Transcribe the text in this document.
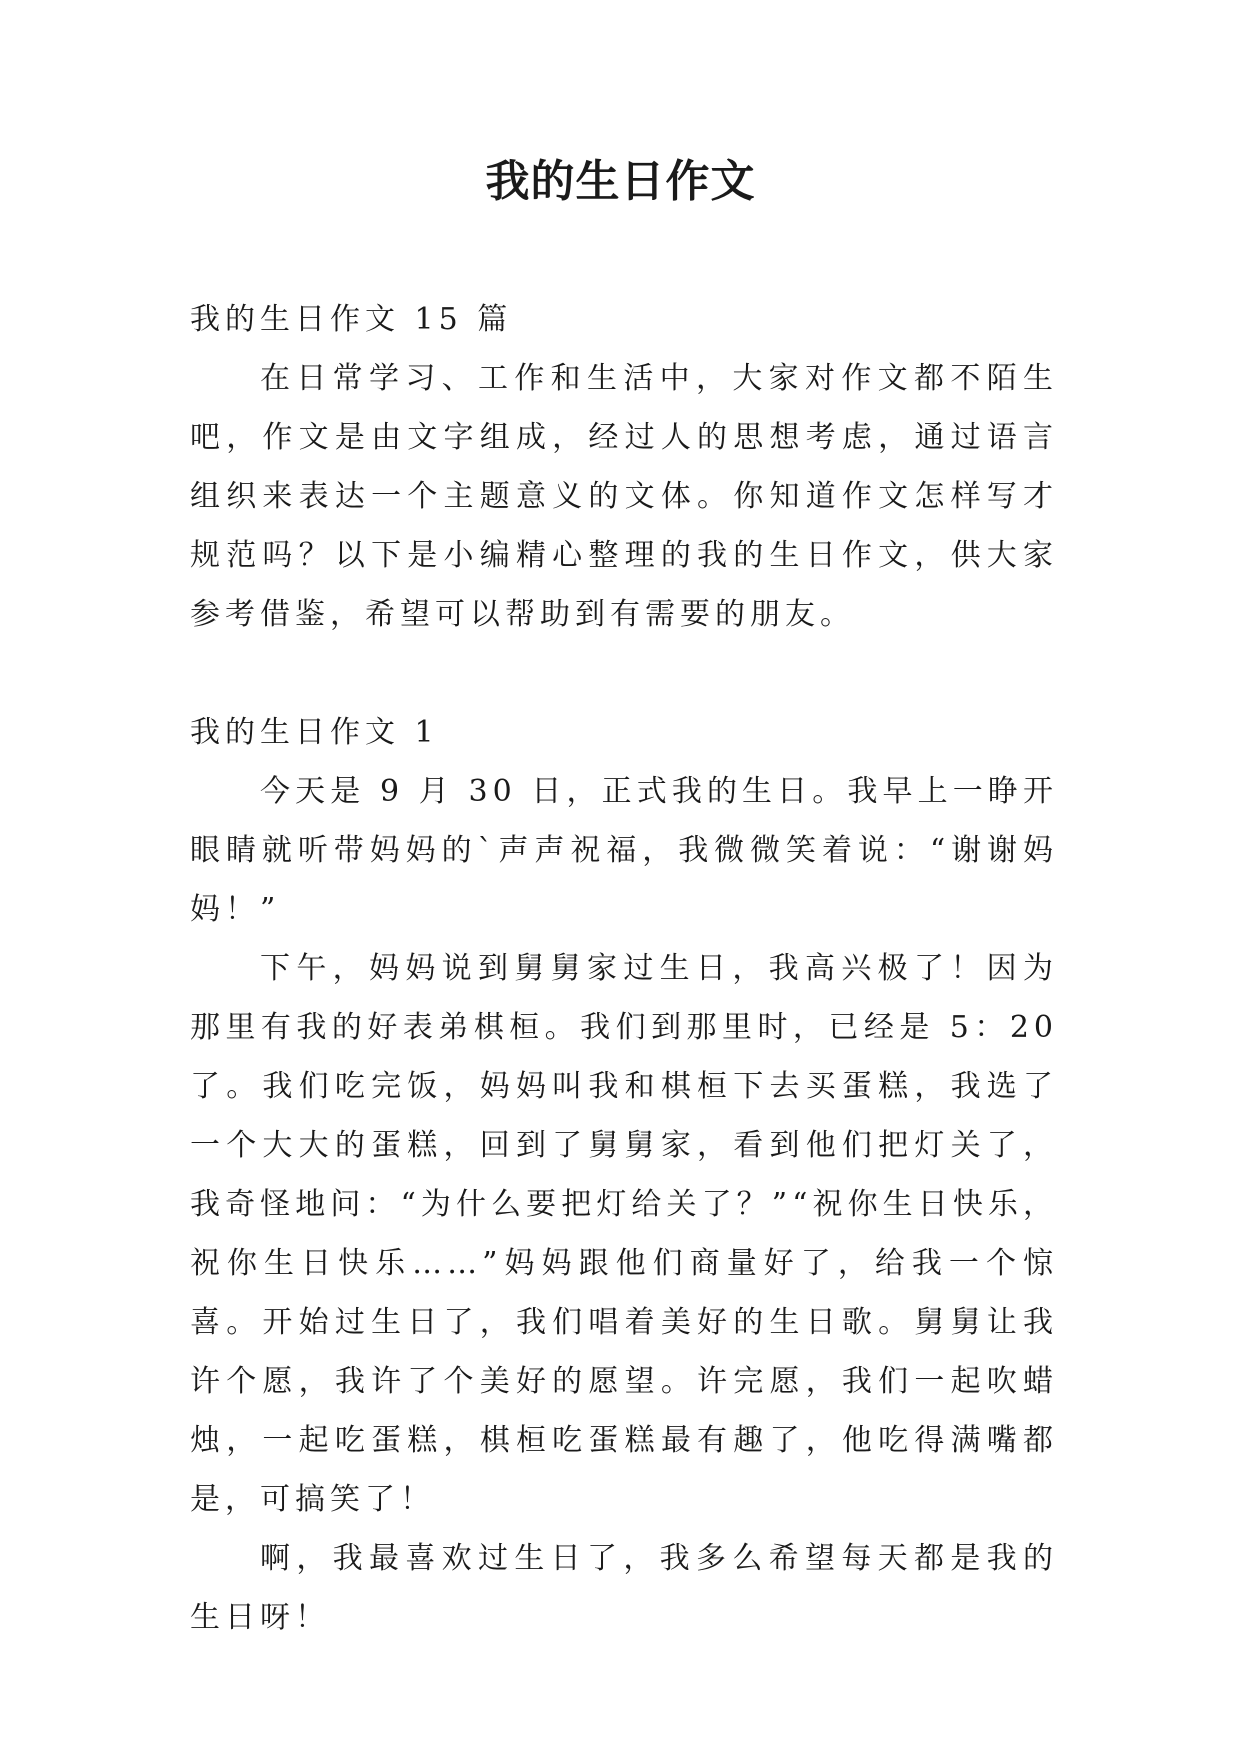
我的生日作文

我的生日作文 15 篇

在日常学习、工作和生活中，大家对作文都不陌生吧，作文是由文字组成，经过人的思想考虑，通过语言组织来表达一个主题意义的文体。你知道作文怎样写才规范吗？以下是小编精心整理的我的生日作文，供大家参考借鉴，希望可以帮助到有需要的朋友。

我的生日作文 1

今天是 9 月 30 日，正式我的生日。我早上一睁开眼睛就听带妈妈的`声声祝福，我微微笑着说：“谢谢妈妈！”

下午，妈妈说到舅舅家过生日，我高兴极了！因为那里有我的好表弟棋桓。我们到那里时，已经是 5：20 了。我们吃完饭，妈妈叫我和棋桓下去买蛋糕，我选了一个大大的蛋糕，回到了舅舅家，看到他们把灯关了，我奇怪地问：“为什么要把灯给关了？”“祝你生日快乐，祝你生日快乐……”妈妈跟他们商量好了，给我一个惊喜。开始过生日了，我们唱着美好的生日歌。舅舅让我许个愿，我许了个美好的愿望。许完愿，我们一起吹蜡烛，一起吃蛋糕，棋桓吃蛋糕最有趣了，他吃得满嘴都是，可搞笑了！

啊，我最喜欢过生日了，我多么希望每天都是我的生日呀！
